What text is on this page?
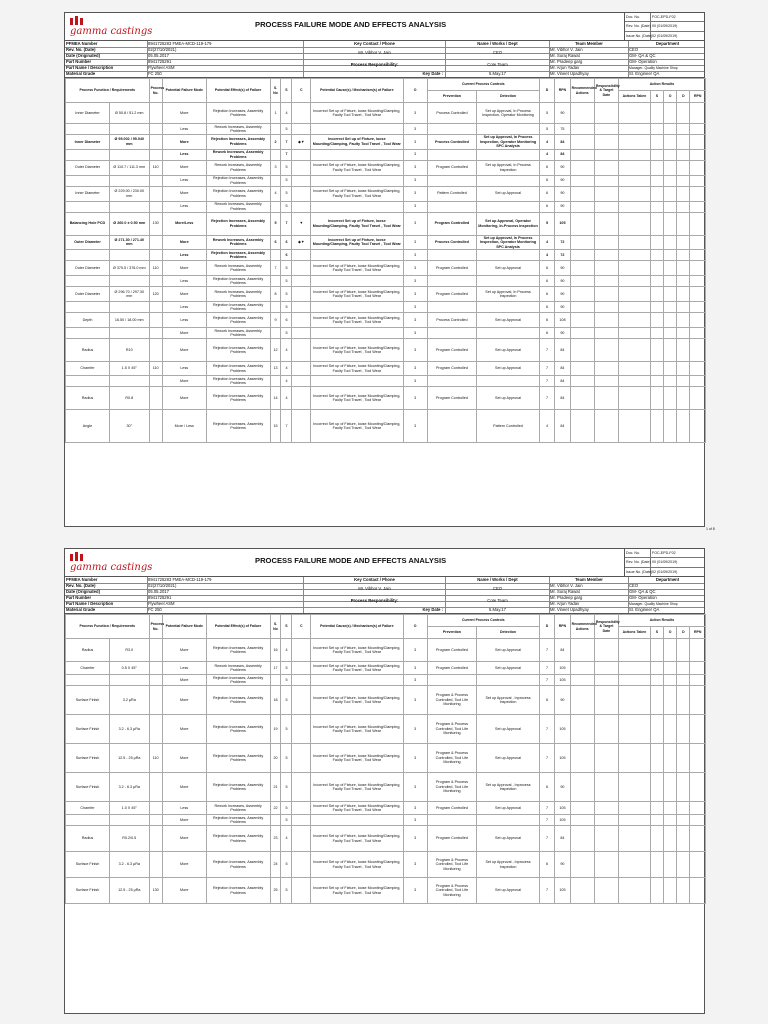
gamma castings
PROCESS FAILURE MODE AND EFFECTS ANALYSIS
Doc. No.	FOC-EPD-F02
Rev. No. (Date) 00 (01/09/2019)
Issue No. (Date) 02 (01/09/2019)
PFMEA Number	8941725283 FMEA-MCD-119-179
Rev. No. (Date)	02(27/10/2021)
Date (Originated)	05.05.2017
Part Number	8941725291
Part Name / Description	Flywheel ASM
Material Grade	FC 250
Key Contact / Phone
Mr. Vibhor V. Jain
Process Responsibility:
Key Date :
Name / Works / Dept
CEO
Core Team
5.May.17
Team Member	Department
Mr. Vibhor V. Jain	CEO
Mr. Suraj Rawat	GM- QA & QC
Mr. Pradeep garg	GM- Operation
Mr. Arjun Yadav	Manager- Quality Machine Shop
Mr. Vineet Upadhyay	Sr. Engineer QA
Process Function / Requirements		Process No.	Potential Failure Mode	Potential Effect(s) of Failure	S. No	S	C	Potential Cause(s) / Mechanism(s) of Failure	O	Current Process Controls		D	RPN	Recommended Actions	Responsibility & Target Date	Action Results				
										Prevention	Detection					Actions Taken	S	O	D	RPN
Inner Diameter	Ø 50.8 / 51.2 mm		More	Rejection Increases, Assembly Problems	1	4		Incorrect Set up of Fixture, loose Mounting/Clamping, Faulty Tool Travel , Tool Wear	3	Process Controlled	Set up Approval, In Process Inspection, Operator Monitoring	5	90							
			Less	Rework Increases, Assembly Problems		5			3			5	75							
Inner Diameter	Ø 95.002 / 95.040 mm		More	Rejection Increases, Assembly Problems	2	7	◆▼	Incorrect Set up of Fixture, loose Mounting/Clamping, Faulty Tool Travel , Tool Wear	3	Process Controlled	Set up Approval, In Process Inspection, Operator Monitoring SPC Analysis	4	84							
			Less	Rework Increases, Assembly Problems		7			3			4	84							
Outer Diameter	Ø 110.7 / 111.3 mm	110	More	Rework Increases, Assembly Problems	3	5		Incorrect Set up of Fixture, loose Mounting/Clamping, Faulty Tool Travel , Tool Wear	3	Program Controlled	Set up Approval, In Process Inspection	6	90							
			Less	Rejection Increases, Assembly Problems		5			3			6	90							
Inner Diameter	Ø 229.00 / 230.00 mm		More	Rejection Increases, Assembly Problems	4	5		Incorrect Set up of Fixture, loose Mounting/Clamping, Faulty Tool Travel , Tool Wear	3	Pattern Controlled	Set up Approval	6	90							
			Less	Rework Increases, Assembly Problems		5			3			6	90							
Balancing Hole PCD	Ø 260.0 ± 0.50 mm	130	More/Less	Rejection Increases, Assembly Problems	5	7	▼	Incorrect Set up of Fixture, loose Mounting/Clamping, Faulty Tool Travel , Tool Wear	3	Program Controlled	Set up Approval, Operator Monitoring, In-Process Inspection	5	105							
Outer Diameter	Ø 271.30 / 271.40 mm		More	Rework Increases, Assembly Problems	6	6	◆▼	Incorrect Set up of Fixture, loose Mounting/Clamping, Faulty Tool Travel , Tool Wear	3	Process Controlled	Set up Approval, In Process Inspection, Operator Monitoring SPC Analysis	4	72							
			Less	Rejection Increases, Assembly Problems		6			3			4	72							
Outer Diameter	Ø 375.5 / 376.0 mm	110	More	Rework Increases, Assembly Problems	7	5		Incorrect Set up of Fixture, loose Mounting/Clamping, Faulty Tool Travel , Tool Wear	3	Program Controlled	Set up Approval	6	90							
			Less	Rejection Increases, Assembly Problems		5			3			6	90							
Outer Diameter	Ø 296.70 / 297.30 mm	120	More	Rework Increases, Assembly Problems	8	5		Incorrect Set up of Fixture, loose Mounting/Clamping, Faulty Tool Travel , Tool Wear	3	Program Controlled	Set up Approval, In Process Inspection	6	90							
			Less	Rejection Increases, Assembly Problems		5			3			6	90							
Depth	16.50 / 18.00 mm		Less	Rejection Increases, Assembly Problems	9	6		Incorrect Set up of Fixture, loose Mounting/Clamping, Faulty Tool Travel , Tool Wear	3	Process Controlled	Set up Approval	6	108							
			More	Rework Increases, Assembly Problems		5			3			6	90							
Radius	R10		More	Rejection Increases, Assembly Problems	12	4		Incorrect Set up of Fixture, loose Mounting/Clamping, Faulty Tool Travel , Tool Wear	3	Program Controlled	Set up Approval	7	84							
Chamfer	1.5 X 45°	110	Less	Rejection Increases, Assembly Problems	13	4		Incorrect Set up of Fixture, loose Mounting/Clamping, Faulty Tool Travel , Tool Wear	3	Program Controlled	Set up Approval	7	84							
			More	Rejection Increases, Assembly Problems		4			3			7	84							
Radius	R0.8		More	Rejection Increases, Assembly Problems	14	4		Incorrect Set up of Fixture, loose Mounting/Clamping, Faulty Tool Travel , Tool Wear	3	Program Controlled	Set up Approval	7	84							
Angle	30°		More / Less	Rejection Increases, Assembly Problems	15	7		Incorrect Set up of Fixture, loose Mounting/Clamping, Faulty Tool Travel , Tool Wear	3		Pattern Controlled	4	84							
1 of 8
gamma castings
PROCESS FAILURE MODE AND EFFECTS ANALYSIS
Doc. No.	FOC-EPD-F02
Rev. No. (Date) 00 (01/09/2019)
Issue No. (Date) 02 (01/09/2019)
PFMEA Number	8941725283 FMEA-MCD-119-179
Rev. No. (Date)	02(27/10/2021)
Date (Originated)	05.05.2017
Part Number	8941725291
Part Name / Description	Flywheel ASM
Material Grade	FC 250
Key Contact / Phone
Mr. Vibhor V. Jain
Process Responsibility:
Key Date :
Name / Works / Dept
CEO
Core Team
5.May.17
Team Member	Department
Mr. Vibhor V. Jain	CEO
Mr. Suraj Rawat	GM- QA & QC
Mr. Pradeep garg	GM- Operation
Mr. Arjun Yadav	Manager- Quality Machine Shop
Mr. Vineet Upadhyay	Sr. Engineer QA
Process Function / Requirements		Process No.	Potential Failure Mode	Potential Effect(s) of Failure	S. No	S	C	Potential Cause(s) / Mechanism(s) of Failure	O	Current Process Controls		D	RPN	Recommended Actions	Responsibility & Target Date	Action Results				
										Prevention	Detection					Actions Taken	S	O	D	RPN
Radius	R3.0		More	Rejection Increases, Assembly Problems	16	4		Incorrect Set up of Fixture, loose Mounting/Clamping, Faulty Tool Travel , Tool Wear	3	Program Controlled	Set up Approval	7	84							
Chamfer	0.5 X 45°		Less	Rework Increases, Assembly Problems	17	5		Incorrect Set up of Fixture, loose Mounting/Clamping, Faulty Tool Travel , Tool Wear	3	Program Controlled	Set up Approval	7	105							
			More	Rejection Increases, Assembly Problems		5			3			7	105							
Surface Finish	3.2 μRa		More	Rejection Increases, Assembly Problems	18	5		Incorrect Set up of Fixture, loose Mounting/Clamping, Faulty Tool Travel , Tool Wear	3	Program & Process Controlled, Tool Life Monitoring	Set up Approval , Inprocess Inspection	6	90							
Surface Finish	3.2 - 6.3 μRa		More	Rejection Increases, Assembly Problems	19	5		Incorrect Set up of Fixture, loose Mounting/Clamping, Faulty Tool Travel , Tool Wear	3	Program & Process Controlled, Tool Life Monitoring	Set up Approval	7	105							
Surface Finish	12.5 - 25 μRa	110	More	Rejection Increases, Assembly Problems	20	5		Incorrect Set up of Fixture, loose Mounting/Clamping, Faulty Tool Travel , Tool Wear	3	Program & Process Controlled, Tool Life Monitoring	Set up Approval	7	105							
Surface Finish	3.2 - 6.3 μRa		More	Rejection Increases, Assembly Problems	21	5		Incorrect Set up of Fixture, loose Mounting/Clamping, Faulty Tool Travel , Tool Wear	3	Program & Process Controlled, Tool Life Monitoring	Set up Approval , Inprocess Inspection	6	90							
Chamfer	1.0 X 45°		Less	Rework Increases, Assembly Problems	22	5		Incorrect Set up of Fixture, loose Mounting/Clamping, Faulty Tool Travel , Tool Wear	3	Program Controlled	Set up Approval	7	105							
			More	Rejection Increases, Assembly Problems		5			3			7	105							
Radius	R0.2/0.5		More	Rejection Increases, Assembly Problems	23	4		Incorrect Set up of Fixture, loose Mounting/Clamping, Faulty Tool Travel , Tool Wear	3	Program Controlled	Set up Approval	7	84							
Surface Finish	3.2 - 6.3 μRa		More	Rejection Increases, Assembly Problems	24	5		Incorrect Set up of Fixture, loose Mounting/Clamping, Faulty Tool Travel , Tool Wear	3	Program & Process Controlled, Tool Life Monitoring	Set up Approval , Inprocess Inspection	6	90							
Surface Finish	12.5 - 25 μRa	130	More	Rejection Increases, Assembly Problems	25	5		Incorrect Set up of Fixture, loose Mounting/Clamping, Faulty Tool Travel , Tool Wear	3	Program & Process Controlled, Tool Life Monitoring	Set up Approval	7	105							
